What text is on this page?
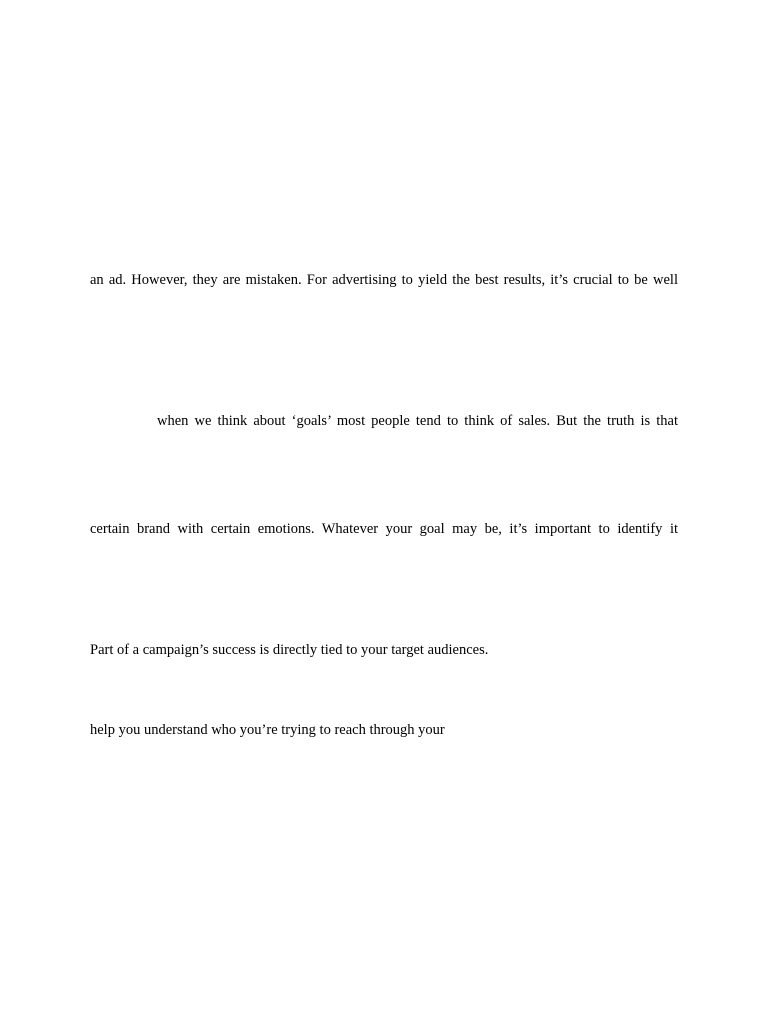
an ad. However, they are mistaken. For advertising to yield the best results, it’s crucial to be well
when we think about ‘goals’ most people tend to think of sales. But the truth is that
certain brand with certain emotions. Whatever your goal may be, it’s important to identify it
Part of a campaign’s success is directly tied to your target audiences.
help you understand who you’re trying to reach through your
